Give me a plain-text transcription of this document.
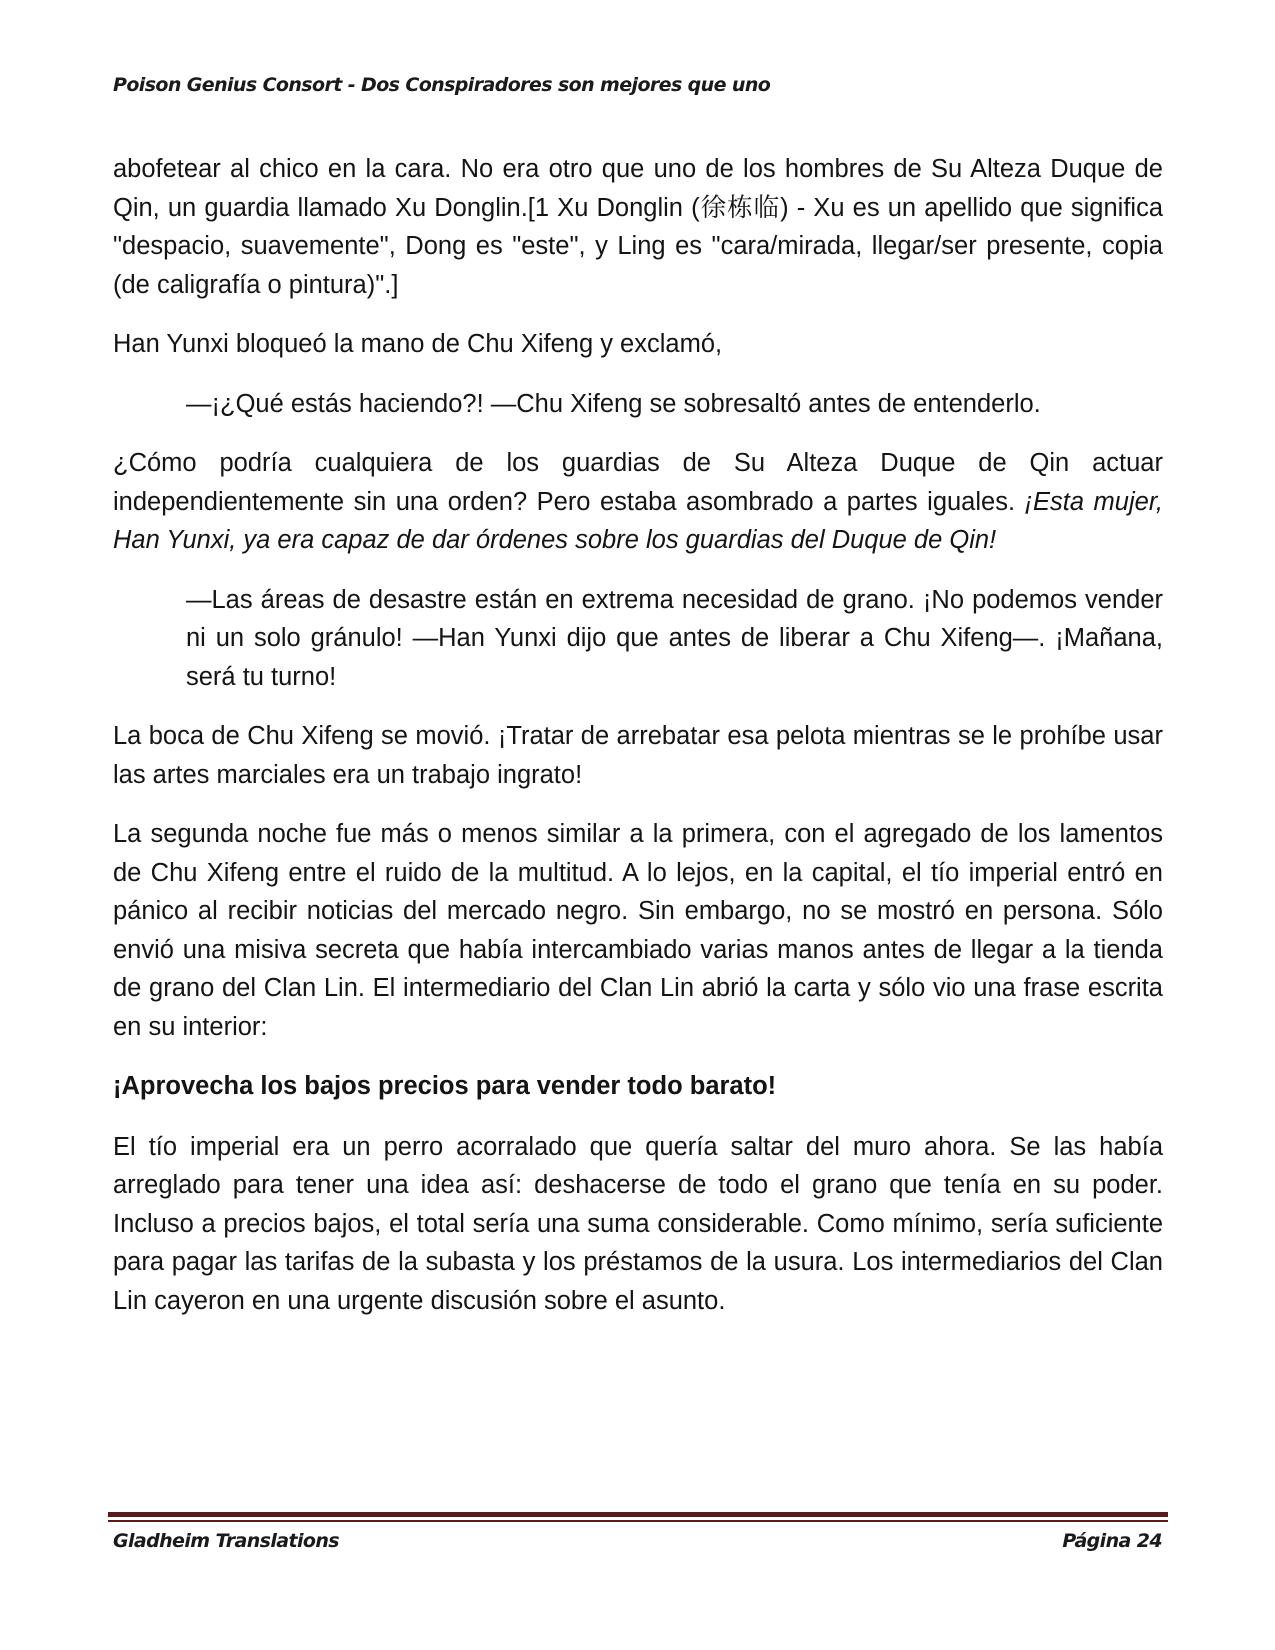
Poison Genius Consort - Dos Conspiradores son mejores que uno

abofetear al chico en la cara. No era otro que uno de los hombres de Su Alteza Duque de Qin, un guardia llamado Xu Donglin.[1 Xu Donglin (徐栋临) - Xu es un apellido que significa "despacio, suavemente", Dong es "este", y Ling es "cara/mirada, llegar/ser presente, copia (de caligrafía o pintura)".]

Han Yunxi bloqueó la mano de Chu Xifeng y exclamó,

—¡¿Qué estás haciendo?! —Chu Xifeng se sobresaltó antes de entenderlo.

¿Cómo podría cualquiera de los guardias de Su Alteza Duque de Qin actuar independientemente sin una orden? Pero estaba asombrado a partes iguales. ¡Esta mujer, Han Yunxi, ya era capaz de dar órdenes sobre los guardias del Duque de Qin!

—Las áreas de desastre están en extrema necesidad de grano. ¡No podemos vender ni un solo gránulo! —Han Yunxi dijo que antes de liberar a Chu Xifeng—. ¡Mañana, será tu turno!

La boca de Chu Xifeng se movió. ¡Tratar de arrebatar esa pelota mientras se le prohíbe usar las artes marciales era un trabajo ingrato!

La segunda noche fue más o menos similar a la primera, con el agregado de los lamentos de Chu Xifeng entre el ruido de la multitud. A lo lejos, en la capital, el tío imperial entró en pánico al recibir noticias del mercado negro. Sin embargo, no se mostró en persona. Sólo envió una misiva secreta que había intercambiado varias manos antes de llegar a la tienda de grano del Clan Lin. El intermediario del Clan Lin abrió la carta y sólo vio una frase escrita en su interior:

¡Aprovecha los bajos precios para vender todo barato!

El tío imperial era un perro acorralado que quería saltar del muro ahora. Se las había arreglado para tener una idea así: deshacerse de todo el grano que tenía en su poder. Incluso a precios bajos, el total sería una suma considerable. Como mínimo, sería suficiente para pagar las tarifas de la subasta y los préstamos de la usura. Los intermediarios del Clan Lin cayeron en una urgente discusión sobre el asunto.

Gladheim Translations	Página 24
